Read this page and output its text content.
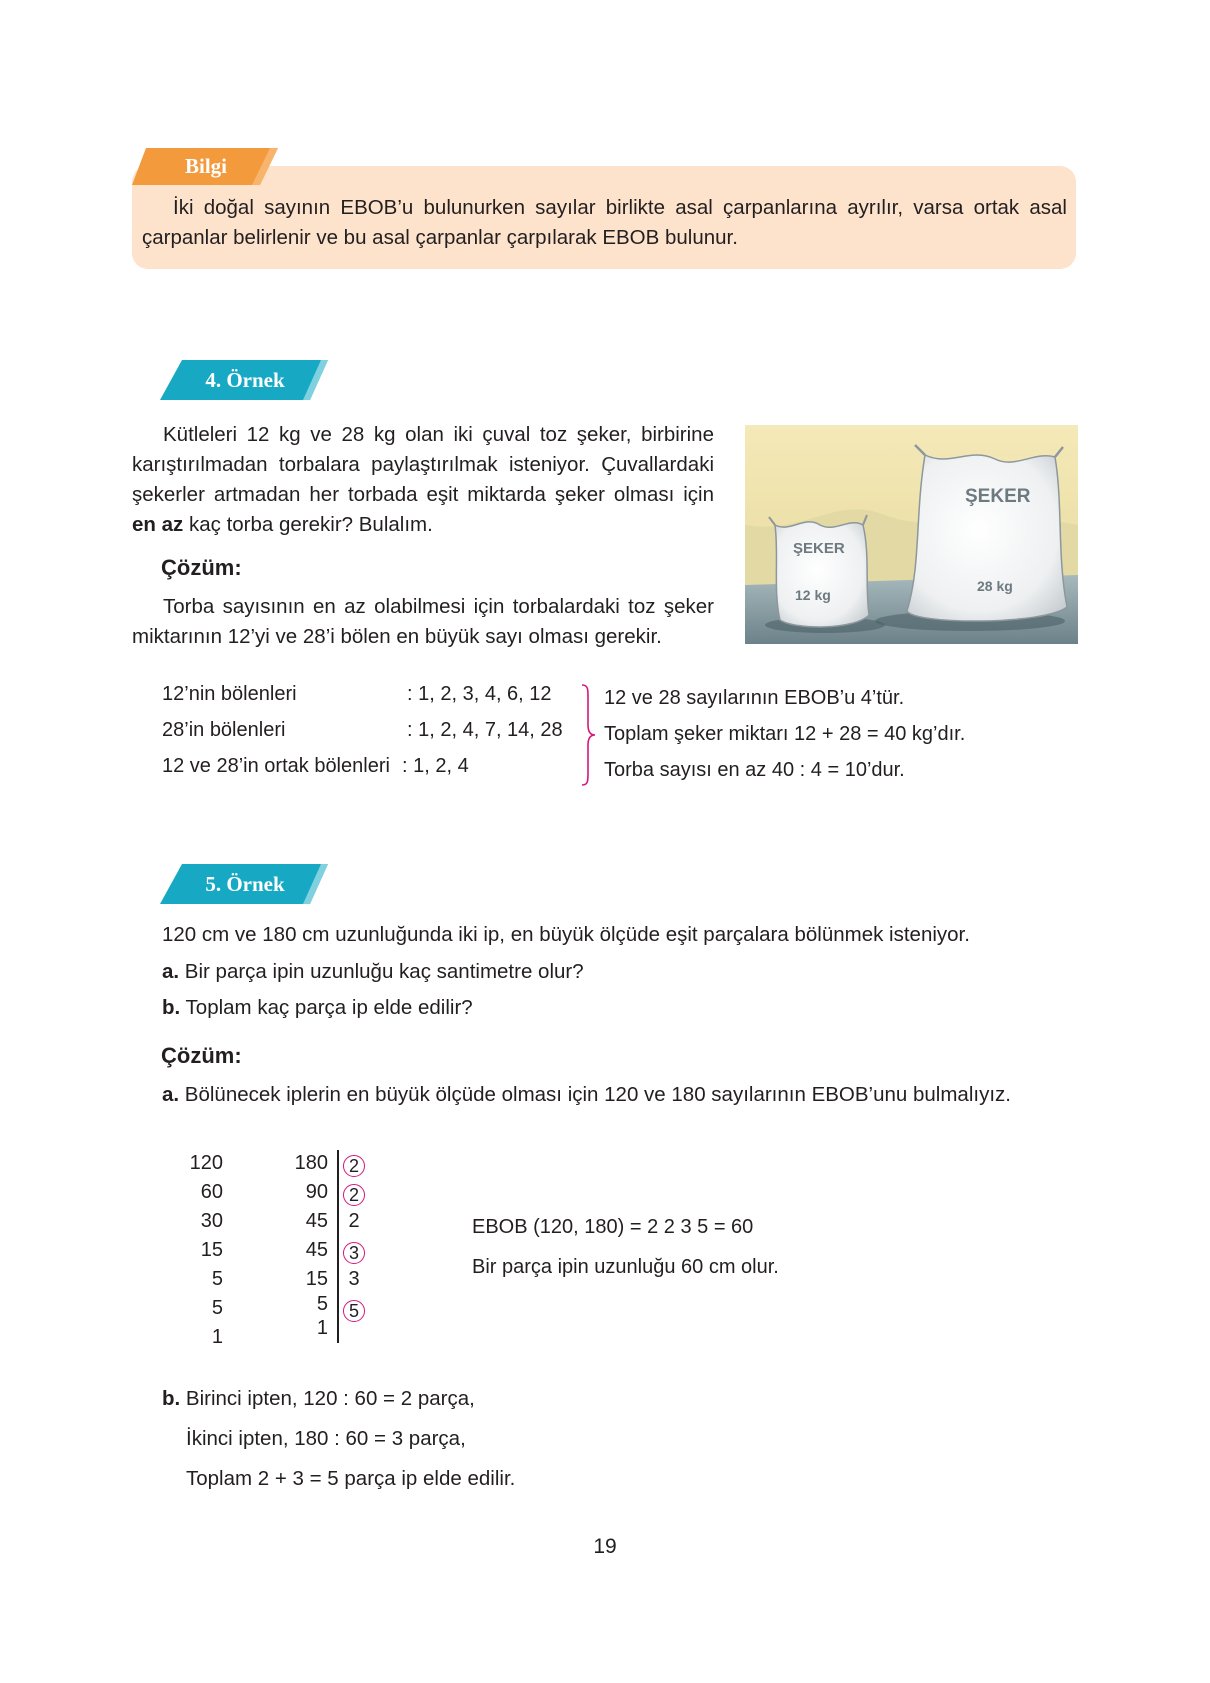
Bilgi
İki doğal sayının EBOB’u bulunurken sayılar birlikte asal çarpanlarına ayrılır, varsa ortak asal
çarpanlar belirlenir ve bu asal çarpanlar çarpılarak EBOB bulunur.
4. Örnek
Kütleleri 12 kg ve 28 kg olan iki çuval toz şeker, birbirine
karıştırılmadan torbalara paylaştırılmak isteniyor. Çuvallardaki
şekerler artmadan her torbada eşit miktarda şeker olması için
en az kaç torba gerekir? Bulalım.
Çözüm:
Torba sayısının en az olabilmesi için torbalardaki toz şeker
miktarının 12’yi ve 28’i bölen en büyük sayı olması gerekir.
ŞEKER
12 kg
ŞEKER
28 kg
12’nin bölenleri	: 1, 2, 3, 4, 6, 12
28’in bölenleri	: 1, 2, 4, 7, 14, 28
12 ve 28’in ortak bölenleri : 1, 2, 4
12 ve 28 sayılarının EBOB’u 4’tür.
Toplam şeker miktarı 12 + 28 = 40 kg’dır.
Torba sayısı en az 40 : 4 = 10’dur.
5. Örnek
120 cm ve 180 cm uzunluğunda iki ip, en büyük ölçüde eşit parçalara bölünmek isteniyor.
a. Bir parça ipin uzunluğu kaç santimetre olur?
b. Toplam kaç parça ip elde edilir?
Çözüm:
a. Bölünecek iplerin en büyük ölçüde olması için 120 ve 180 sayılarının EBOB’unu bulmalıyız.
120
60
30
15
5
5
1
180
90
45
45
15
5
1
2
2
2
3
3
5
EBOB (120, 180) = 2 2 3 5 = 60
Bir parça ipin uzunluğu 60 cm olur.
b. Birinci ipten, 120 : 60 = 2 parça,
İkinci ipten, 180 : 60 = 3 parça,
Toplam 2 + 3 = 5 parça ip elde edilir.
19
